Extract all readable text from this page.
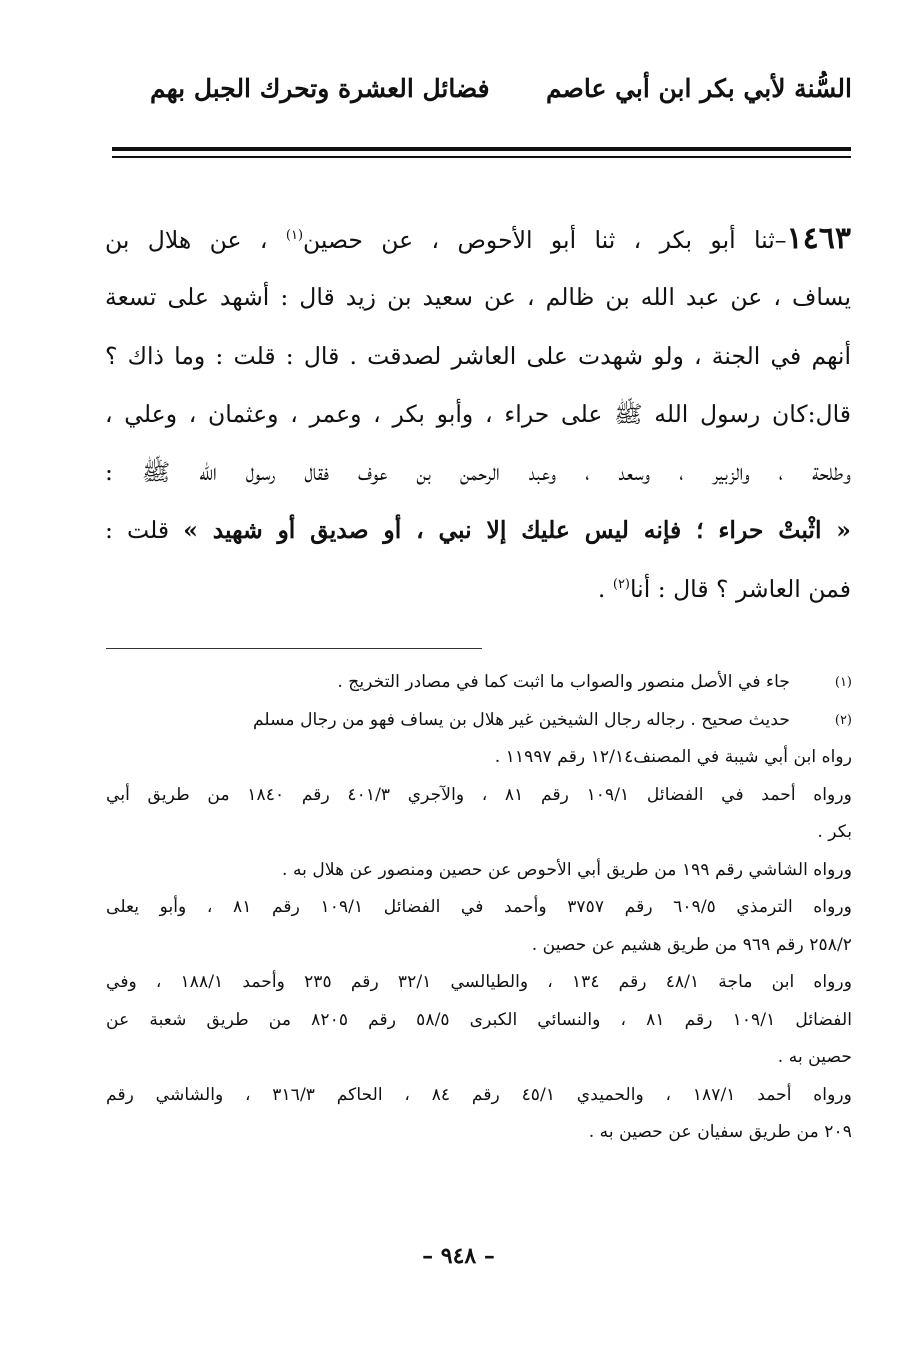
السُّنة لأبي بكر ابن أبي عاصم
فضائل العشرة وتحرك الجبل بهم
١٤٦٣–ثنا أبو بكر ، ثنا أبو الأحوص ، عن حصين$^{(١)}$ ، عن هلال بن
يساف ، عن عبد الله بن ظالم ، عن سعيد بن زيد قال : أشهد على تسعة
أنهم في الجنة ، ولو شهدت على العاشر لصدقت . قال : قلت : وما ذاك ؟
قال:كان رسول الله ﷺ على حراء ، وأبو بكر ، وعمر ، وعثمان ، وعلي ،
وطلحة ، والزبير ، وسعد ، وعبد الرحمن بن عوف فقال رسول الله ﷺ :
« اثْبتْ حراء ؛ فإنه ليس عليك إلا نبي ، أو صديق أو شهيد » قلت :
فمن العاشر ؟ قال : أنا$^{(٢)}$ .
(١)
جاء في الأصل منصور والصواب ما اثبت كما في مصادر التخريج .
(٢)
حديث صحيح . رجاله رجال الشيخين غير هلال بن يساف فهو من رجال مسلم
رواه ابن أبي شيبة في المصنف١٢/١٤ رقم ١١٩٩٧ .
ورواه أحمد في الفضائل ١٠٩/١ رقم ٨١ ، والآجري ٤٠١/٣ رقم ١٨٤٠ من طريق أبي
بكر .
ورواه الشاشي رقم ١٩٩ من طريق أبي الأحوص عن حصين ومنصور عن هلال به .
ورواه الترمذي ٦٠٩/٥ رقم ٣٧٥٧ وأحمد في الفضائل ١٠٩/١ رقم ٨١ ، وأبو يعلى
٢٥٨/٢ رقم ٩٦٩ من طريق هشيم عن حصين .
ورواه ابن ماجة ٤٨/١ رقم ١٣٤ ، والطيالسي ٣٢/١ رقم ٢٣٥ وأحمد ١٨٨/١ ، وفي
الفضائل ١٠٩/١ رقم ٨١ ، والنسائي الكبرى ٥٨/٥ رقم ٨٢٠٥ من طريق شعبة عن
حصين به .
ورواه أحمد ١٨٧/١ ، والحميدي ٤٥/١ رقم ٨٤ ، الحاكم ٣١٦/٣ ، والشاشي رقم
٢٠٩ من طريق سفيان عن حصين به .
– ٩٤٨ –
